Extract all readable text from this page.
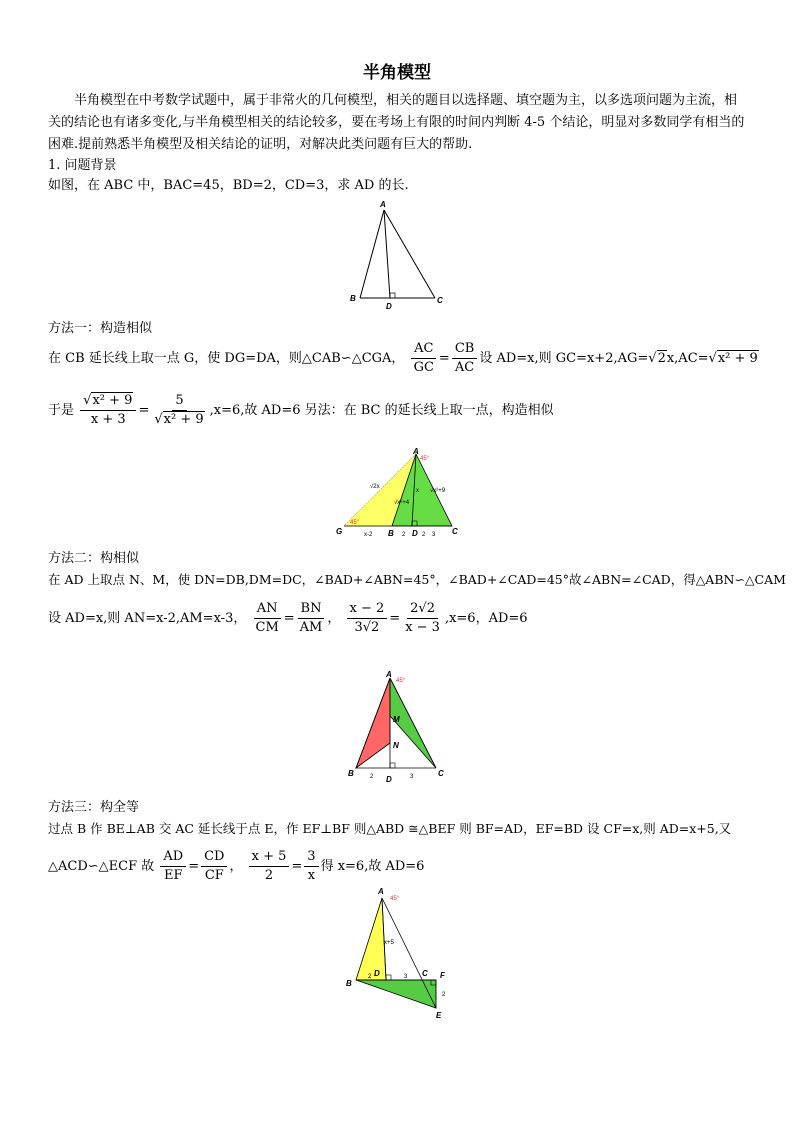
半角模型
半角模型在中考数学试题中，属于非常火的几何模型，相关的题目以选择题、填空题为主，以多选项问题为主流，相关的结论也有诸多变化,与半角模型相关的结论较多，要在考场上有限的时间内判断 4-5 个结论，明显对多数同学有相当的困难.提前熟悉半角模型及相关结论的证明，对解决此类问题有巨大的帮助.
1. 问题背景
如图，在 ABC 中，BAC=45，BD=2，CD=3，求 AD 的长.
A
B	C
D
方法一：构造相似
在 CB 延长线上取一点 G，使 DG=DA，则△CAB∽△CGA， $\frac{AC}{GC} = \frac{CB}{AC}$ 设 AD=x,则 GC=x+2,AG=√2x,AC=√x² + 9
于是 $\frac{\text{√x² + 9}}{x + 3} = \frac{5}{\text{√x² + 9}} ,x=6$,故 AD=6 另法：在 BC 的延长线上取一点，构造相似
A
45°
G
45°
B D	C
x-2	2	2 3
√2x
x
√x²+4
√x²+9
方法二：构相似
在 AD 上取点 N、M，使 DN=DB,DM=DC，∠BAD+∠ABN=45°，∠BAD+∠CAD=45°故∠ABN=∠CAD，得△ABN∽△CAM
设 AD=x,则 AN=x-2,AM=x-3， $\frac{AN}{CM} = \frac{BN}{AM}$ ， $\frac{x - 2}{3√2} = \frac{2√2}{x - 3} ,x=6$，AD=6
A
45°
M
N
B
D
C
2	3
方法三：构全等
过点 B 作 BE⊥AB 交 AC 延长线于点 E，作 EF⊥BF 则△ABD ≅△BEF 则 BF=AD，EF=BD 设 CF=x,则 AD=x+5,又
△ACD∽△ECF 故 $\frac{AD}{EF} = \frac{CD}{CF}$ ， $\frac{x + 5}{2} = \frac{3}{x}$ 得 x=6,故 AD=6
A
45°
B
D	C F
E
x+5
2	3
2
